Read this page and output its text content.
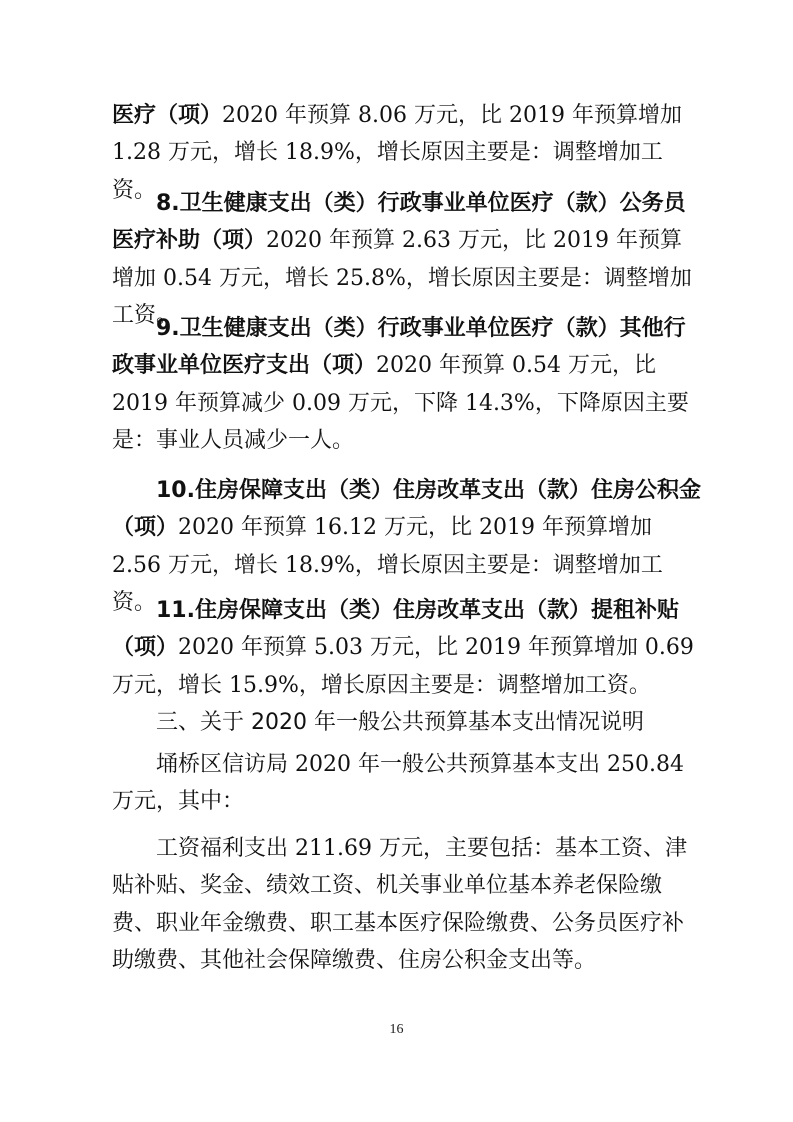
医疗（项）2020 年预算 8.06 万元，比 2019 年预算增加 1.28 万元，增长 18.9%，增长原因主要是：调整增加工资。

8.卫生健康支出（类）行政事业单位医疗（款）公务员医疗补助（项）2020 年预算 2.63 万元，比 2019 年预算增加 0.54 万元，增长 25.8%，增长原因主要是：调整增加工资。

9.卫生健康支出（类）行政事业单位医疗（款）其他行政事业单位医疗支出（项）2020 年预算 0.54 万元，比 2019 年预算减少 0.09 万元，下降 14.3%，下降原因主要是：事业人员减少一人。

10.住房保障支出（类）住房改革支出（款）住房公积金（项）2020 年预算 16.12 万元，比 2019 年预算增加 2.56 万元，增长 18.9%，增长原因主要是：调整增加工资。 11.住房保障支出（类）住房改革支出（款）提租补贴（项）2020 年预算 5.03 万元，比 2019 年预算增加 0.69 万元，增长 15.9%，增长原因主要是：调整增加工资。

三、关于 2020 年一般公共预算基本支出情况说明

埇桥区信访局 2020 年一般公共预算基本支出 250.84 万元，其中：

工资福利支出 211.69 万元，主要包括：基本工资、津贴补贴、奖金、绩效工资、机关事业单位基本养老保险缴费、职业年金缴费、职工基本医疗保险缴费、公务员医疗补助缴费、其他社会保障缴费、住房公积金支出等。

16
